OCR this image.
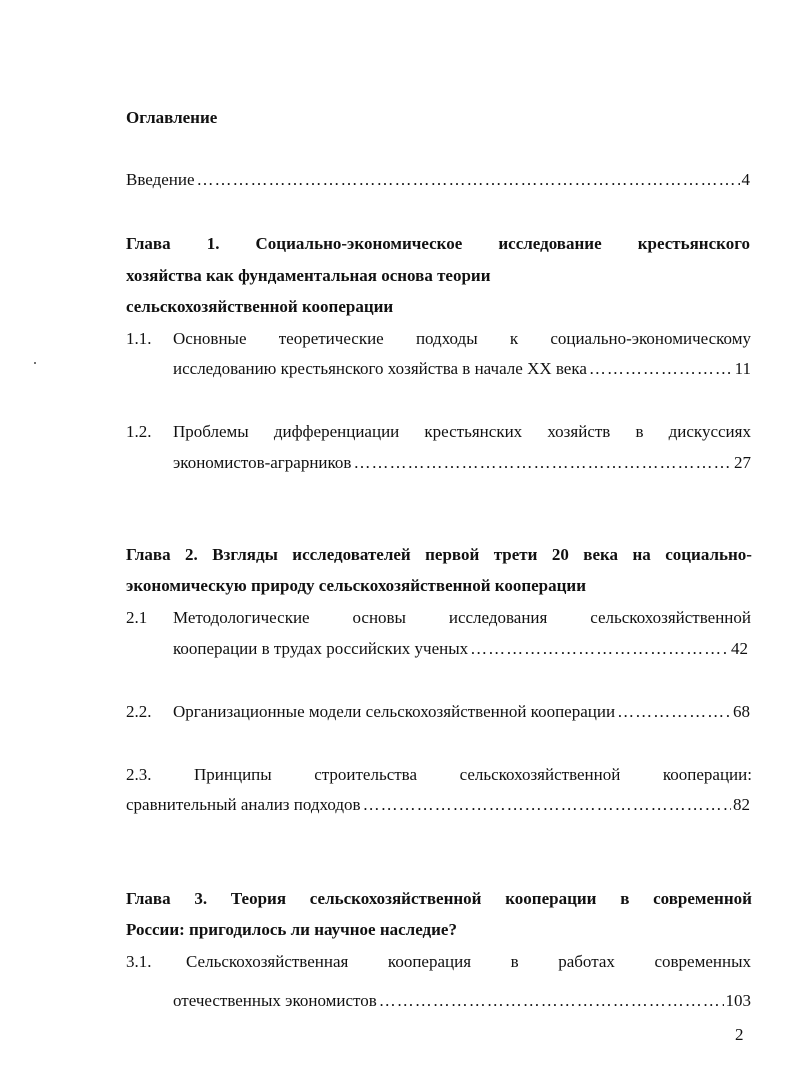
Оглавление
Введение …………………………………………………………………………………………………………………………………………………………………………	4
Глава 1. Социально-экономическое исследование крестьянского
хозяйства как фундаментальная основа теории
сельскохозяйственной кооперации
1.1. Основные теоретические подходы к социально-экономическому
исследованию крестьянского хозяйства в начале XX века …………………………………………………………………………………………………………………………………………………………………………	11
1.2. Проблемы дифференциации крестьянских хозяйств в дискуссиях
экономистов-аграрников …………………………………………………………………………………………………………………………………………………………………………	27
Глава 2. Взгляды исследователей первой трети 20 века на социально-
экономическую природу сельскохозяйственной кооперации
2.1 Методологические	основы	исследования	сельскохозяйственной
кооперации в трудах российских ученых …………………………………………………………………………………………………………………………………………………………………………	42
2.2. Организационные модели сельскохозяйственной кооперации …………………………………………………………………………………………………………………………………………………………………………	68
2.3.	Принципы	строительства	сельскохозяйственной	кооперации:
сравнительный анализ подходов …………………………………………………………………………………………………………………………………………………………………………	82
Глава 3. Теория сельскохозяйственной кооперации в современной
России: пригодилось ли научное наследие?
3.1. Сельскохозяйственная кооперация в работах современных
отечественных экономистов …………………………………………………………………………………………………………………………………………………………………………	103
2
